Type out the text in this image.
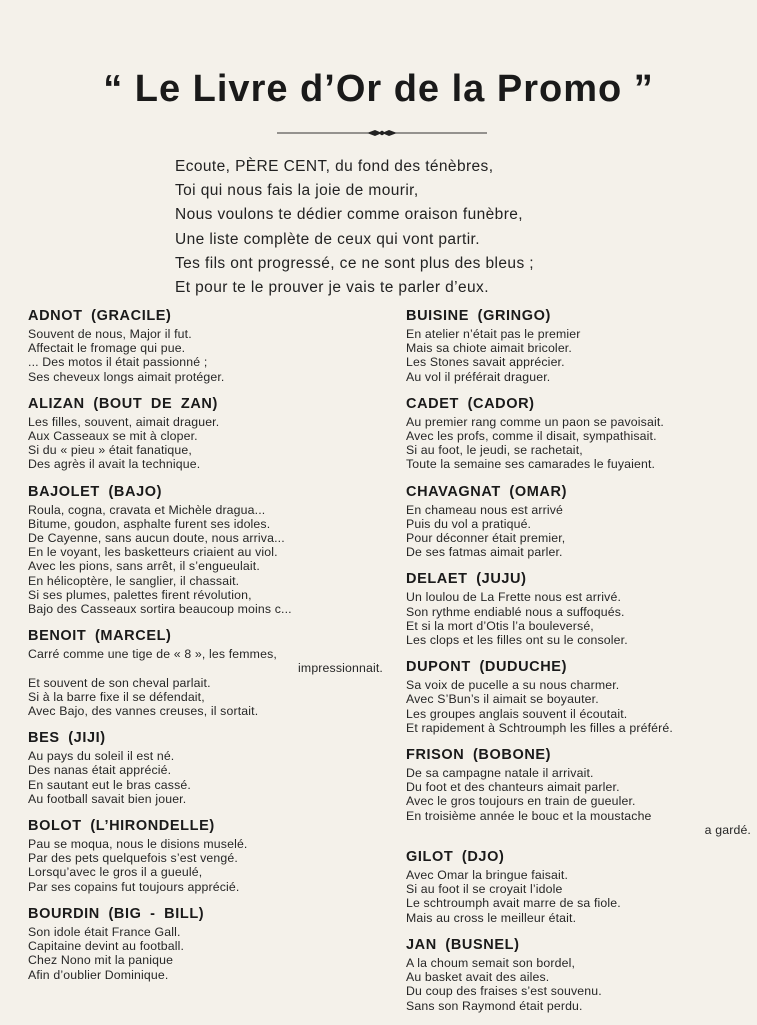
“ Le Livre d’Or de la Promo ”
Ecoute, PÈRE CENT, du fond des ténèbres,
Toi qui nous fais la joie de mourir,
Nous voulons te dédier comme oraison funèbre,
Une liste complète de ceux qui vont partir.
Tes fils ont progressé, ce ne sont plus des bleus ;
Et pour te le prouver je vais te parler d’eux.
ADNOT (GRACILE)
Souvent de nous, Major il fut.
Affectait le fromage qui pue.
... Des motos il était passionné ;
Ses cheveux longs aimait protéger.
ALIZAN (BOUT DE ZAN)
Les filles, souvent, aimait draguer.
Aux Casseaux se mit à cloper.
Si du « pieu » était fanatique,
Des agrès il avait la technique.
BAJOLET (BAJO)
Roula, cogna, cravata et Michèle dragua...
Bitume, goudon, asphalte furent ses idoles.
De Cayenne, sans aucun doute, nous arriva...
En le voyant, les basketteurs criaient au viol.
Avec les pions, sans arrêt, il s’engueulait.
En hélicoptère, le sanglier, il chassait.
Si ses plumes, palettes firent révolution,
Bajo des Casseaux sortira beaucoup moins c...
BENOIT (MARCEL)
Carré comme une tige de « 8 », les femmes,
impressionnait.
Et souvent de son cheval parlait.
Si à la barre fixe il se défendait,
Avec Bajo, des vannes creuses, il sortait.
BES (JIJI)
Au pays du soleil il est né.
Des nanas était apprécié.
En sautant eut le bras cassé.
Au football savait bien jouer.
BOLOT (L’HIRONDELLE)
Pau se moqua, nous le disions muselé.
Par des pets quelquefois s’est vengé.
Lorsqu’avec le gros il a gueulé,
Par ses copains fut toujours apprécié.
BOURDIN (BIG - BILL)
Son idole était France Gall.
Capitaine devint au football.
Chez Nono mit la panique
Afin d’oublier Dominique.
BUISINE (GRINGO)
En atelier n’était pas le premier
Mais sa chiote aimait bricoler.
Les Stones savait apprécier.
Au vol il préférait draguer.
CADET (CADOR)
Au premier rang comme un paon se pavoisait.
Avec les profs, comme il disait, sympathisait.
Si au foot, le jeudi, se rachetait,
Toute la semaine ses camarades le fuyaient.
CHAVAGNAT (OMAR)
En chameau nous est arrivé
Puis du vol a pratiqué.
Pour déconner était premier,
De ses fatmas aimait parler.
DELAET (JUJU)
Un loulou de La Frette nous est arrivé.
Son rythme endiablé nous a suffoqués.
Et si la mort d’Otis l’a bouleversé,
Les clops et les filles ont su le consoler.
DUPONT (DUDUCHE)
Sa voix de pucelle a su nous charmer.
Avec S’Bun’s il aimait se boyauter.
Les groupes anglais souvent il écoutait.
Et rapidement à Schtroumph les filles a préféré.
FRISON (BOBONE)
De sa campagne natale il arrivait.
Du foot et des chanteurs aimait parler.
Avec le gros toujours en train de gueuler.
En troisième année le bouc et la moustache
a gardé.
GILOT (DJO)
Avec Omar la bringue faisait.
Si au foot il se croyait l’idole
Le schtroumph avait marre de sa fiole.
Mais au cross le meilleur était.
JAN (BUSNEL)
A la choum semait son bordel,
Au basket avait des ailes.
Du coup des fraises s’est souvenu.
Sans son Raymond était perdu.
